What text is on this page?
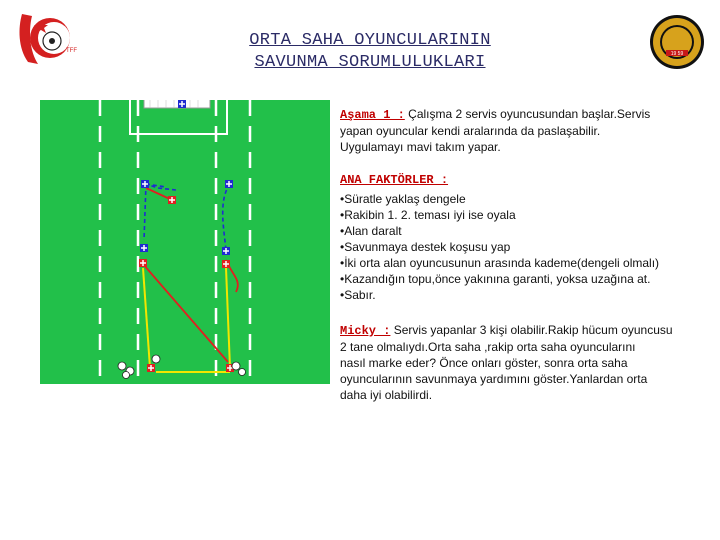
TFF
ORTA SAHA OYUNCULARININ
SAVUNMA SORUMLULUKLARI	19 59
Aşama 1 : Çalışma 2 servis oyuncusundan başlar.Servis
yapan oyuncular kendi aralarında da paslaşabilir.
Uygulamayı mavi takım yapar.
ANA FAKTÖRLER :
•Süratle yaklaş dengele
•Rakibin 1. 2. teması iyi ise oyala
•Alan daralt
•Savunmaya destek koşusu yap
•İki orta alan oyuncusunun arasında kademe(dengeli olmalı)
•Kazandığın topu,önce yakınına garanti, yoksa uzağına at.
•Sabır.
Micky : Servis yapanlar 3 kişi olabilir.Rakip hücum oyuncusu
2 tane olmalıydı.Orta saha ,rakip orta saha oyuncularını
nasıl marke eder? Önce onları göster, sonra orta saha
oyuncularının savunmaya yardımını göster.Yanlardan orta
daha iyi olabilirdi.
